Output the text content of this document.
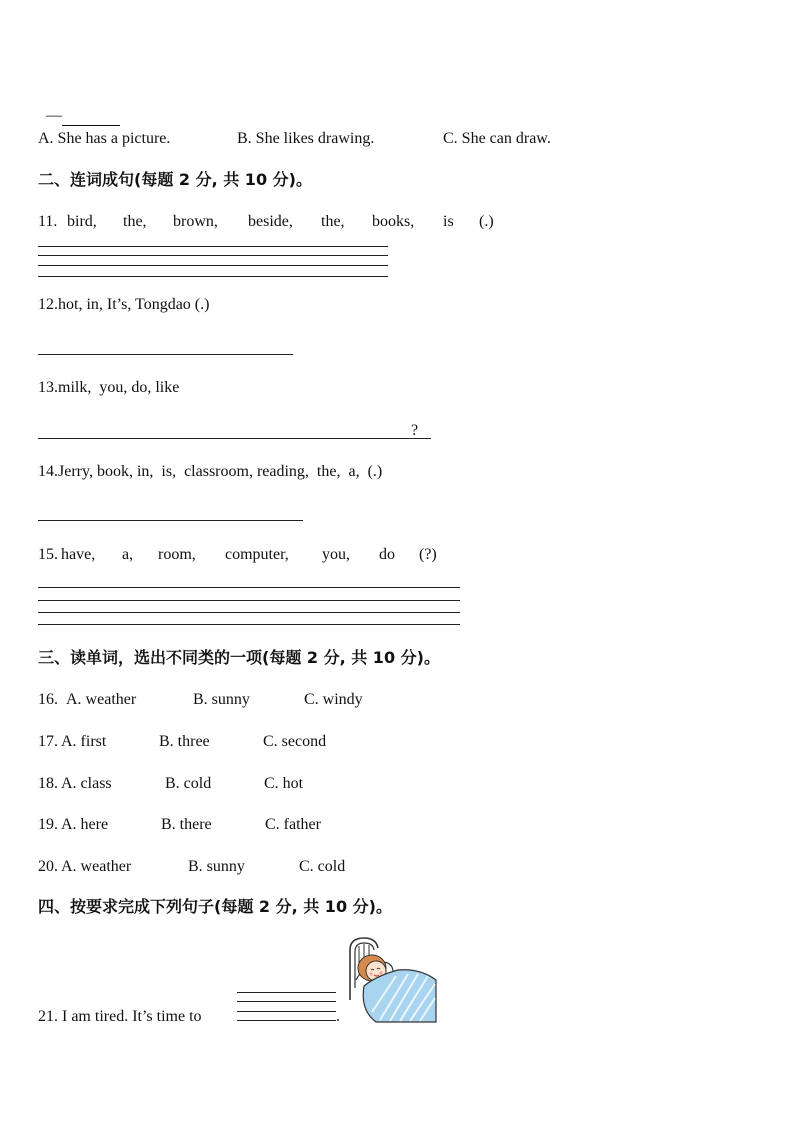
—

A. She has a picture.	B. She likes drawing.	C. She can draw.
二、连词成句(每题 2 分, 共 10 分)。
11. bird, the, brown, beside, the, books, is (.)
12.hot, in, It’s, Tongdao (.)
13.milk,  you, do, like
?
14.Jerry, book, in,  is,  classroom, reading,  the,  a,  (.)
15. have, a, room, computer, you, do (?)
三、读单词，选出不同类的一项(每题 2 分, 共 10 分)。
16. A. weather	B. sunny	C. windy
17. A. first	B. three	C. second
18. A. class	B. cold	C. hot
19. A. here	B. there	C. father
20. A. weather	B. sunny	C. cold
四、按要求完成下列句子(每题 2 分, 共 10 分)。
21. I am tired. It’s time to	.
